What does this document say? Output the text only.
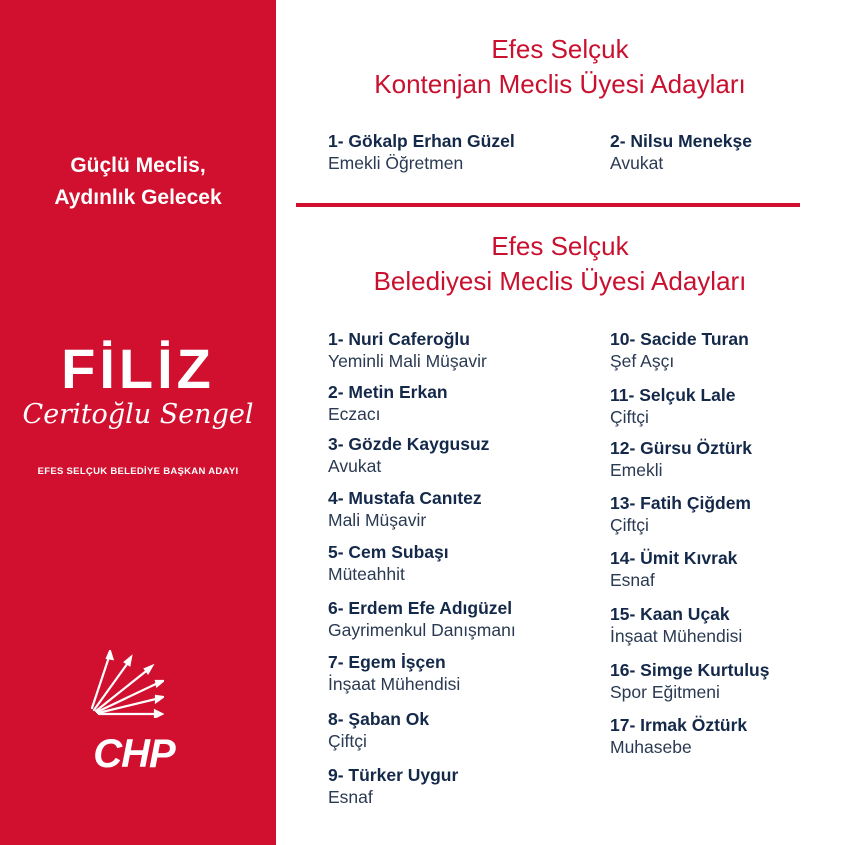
Güçlü Meclis,
Aydınlık Gelecek
FİLİZ
Ceritoğlu Sengel
EFES SELÇUK BELEDİYE BAŞKAN ADAYI
CHP
Efes Selçuk
Kontenjan Meclis Üyesi Adayları
1- Gökalp Erhan Güzel
Emekli Öğretmen
2- Nilsu Menekşe
Avukat
Efes Selçuk
Belediyesi Meclis Üyesi Adayları
1- Nuri Caferoğlu
Yeminli Mali Müşavir
2- Metin Erkan
Eczacı
3- Gözde Kaygusuz
Avukat
4- Mustafa Canıtez
Mali Müşavir
5- Cem Subaşı
Müteahhit
6- Erdem Efe Adıgüzel
Gayrimenkul Danışmanı
7- Egem İşçen
İnşaat Mühendisi
8- Şaban Ok
Çiftçi
9- Türker Uygur
Esnaf
10- Sacide Turan
Şef Aşçı
11- Selçuk Lale
Çiftçi
12- Gürsu Öztürk
Emekli
13- Fatih Çiğdem
Çiftçi
14- Ümit Kıvrak
Esnaf
15- Kaan Uçak
İnşaat Mühendisi
16- Simge Kurtuluş
Spor Eğitmeni
17- Irmak Öztürk
Muhasebe
